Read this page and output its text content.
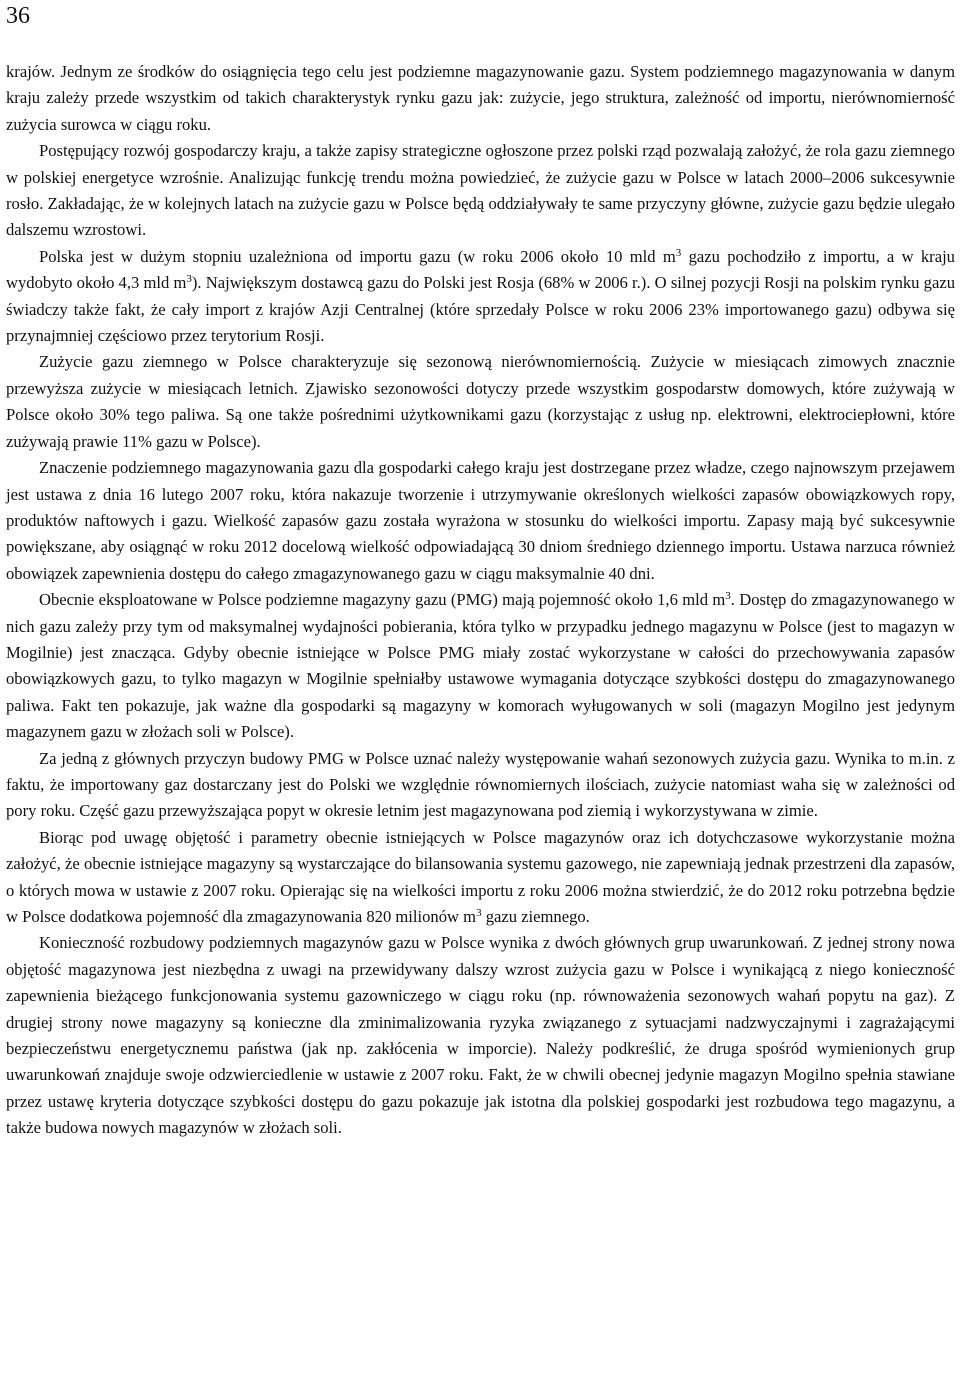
36

krajów. Jednym ze środków do osiągnięcia tego celu jest podziemne magazynowanie gazu. System podziemnego magazynowania w danym kraju zależy przede wszystkim od takich charakterystyk rynku gazu jak: zużycie, jego struktura, zależność od importu, nierównomierność zużycia surowca w ciągu roku.

Postępujący rozwój gospodarczy kraju, a także zapisy strategiczne ogłoszone przez polski rząd pozwalają założyć, że rola gazu ziemnego w polskiej energetyce wzrośnie. Analizując funkcję trendu można powiedzieć, że zużycie gazu w Polsce w latach 2000–2006 sukcesywnie rosło. Zakładając, że w kolejnych latach na zużycie gazu w Polsce będą oddziaływały te same przyczyny główne, zużycie gazu będzie ulegało dalszemu wzrostowi.

Polska jest w dużym stopniu uzależniona od importu gazu (w roku 2006 około 10 mld $m^3$ gazu pochodziło z importu, a w kraju wydobyto około 4,3 mld $m^3$). Największym dostawcą gazu do Polski jest Rosja (68% w 2006 r.). O silnej pozycji Rosji na polskim rynku gazu świadczy także fakt, że cały import z krajów Azji Centralnej (które sprzedały Polsce w roku 2006 23% importowanego gazu) odbywa się przynajmniej częściowo przez terytorium Rosji.

Zużycie gazu ziemnego w Polsce charakteryzuje się sezonową nierównomiernością. Zużycie w miesiącach zimowych znacznie przewyższa zużycie w miesiącach letnich. Zjawisko sezonowości dotyczy przede wszystkim gospodarstw domowych, które zużywają w Polsce około 30% tego paliwa. Są one także pośrednimi użytkownikami gazu (korzystając z usług np. elektrowni, elektrociepłowni, które zużywają prawie 11% gazu w Polsce).

Znaczenie podziemnego magazynowania gazu dla gospodarki całego kraju jest dostrzegane przez władze, czego najnowszym przejawem jest ustawa z dnia 16 lutego 2007 roku, która nakazuje tworzenie i utrzymywanie określonych wielkości zapasów obowiązkowych ropy, produktów naftowych i gazu. Wielkość zapasów gazu została wyrażona w stosunku do wielkości importu. Zapasy mają być sukcesywnie powiększane, aby osiągnąć w roku 2012 docelową wielkość odpowiadającą 30 dniom średniego dziennego importu. Ustawa narzuca również obowiązek zapewnienia dostępu do całego zmagazynowanego gazu w ciągu maksymalnie 40 dni.

Obecnie eksploatowane w Polsce podziemne magazyny gazu (PMG) mają pojemność około 1,6 mld $m^3$. Dostęp do zmagazynowanego w nich gazu zależy przy tym od maksymalnej wydajności pobierania, która tylko w przypadku jednego magazynu w Polsce (jest to magazyn w Mogilnie) jest znacząca. Gdyby obecnie istniejące w Polsce PMG miały zostać wykorzystane w całości do przechowywania zapasów obowiązkowych gazu, to tylko magazyn w Mogilnie spełniałby ustawowe wymagania dotyczące szybkości dostępu do zmagazynowanego paliwa. Fakt ten pokazuje, jak ważne dla gospodarki są magazyny w komorach wyługowanych w soli (magazyn Mogilno jest jedynym magazynem gazu w złożach soli w Polsce).

Za jedną z głównych przyczyn budowy PMG w Polsce uznać należy występowanie wahań sezonowych zużycia gazu. Wynika to m.in. z faktu, że importowany gaz dostarczany jest do Polski we względnie równomiernych ilościach, zużycie natomiast waha się w zależności od pory roku. Część gazu przewyższająca popyt w okresie letnim jest magazynowana pod ziemią i wykorzystywana w zimie.

Biorąc pod uwagę objętość i parametry obecnie istniejących w Polsce magazynów oraz ich dotychczasowe wykorzystanie można założyć, że obecnie istniejące magazyny są wystarczające do bilansowania systemu gazowego, nie zapewniają jednak przestrzeni dla zapasów, o których mowa w ustawie z 2007 roku. Opierając się na wielkości importu z roku 2006 można stwierdzić, że do 2012 roku potrzebna będzie w Polsce dodatkowa pojemność dla zmagazynowania 820 milionów $m^3$ gazu ziemnego.

Konieczność rozbudowy podziemnych magazynów gazu w Polsce wynika z dwóch głównych grup uwarunkowań. Z jednej strony nowa objętość magazynowa jest niezbędna z uwagi na przewidywany dalszy wzrost zużycia gazu w Polsce i wynikającą z niego konieczność zapewnienia bieżącego funkcjonowania systemu gazowniczego w ciągu roku (np. równoważenia sezonowych wahań popytu na gaz). Z drugiej strony nowe magazyny są konieczne dla zminimalizowania ryzyka związanego z sytuacjami nadzwyczajnymi i zagrażającymi bezpieczeństwu energetycznemu państwa (jak np. zakłócenia w imporcie). Należy podkreślić, że druga spośród wymienionych grup uwarunkowań znajduje swoje odzwierciedlenie w ustawie z 2007 roku. Fakt, że w chwili obecnej jedynie magazyn Mogilno spełnia stawiane przez ustawę kryteria dotyczące szybkości dostępu do gazu pokazuje jak istotna dla polskiej gospodarki jest rozbudowa tego magazynu, a także budowa nowych magazynów w złożach soli.
